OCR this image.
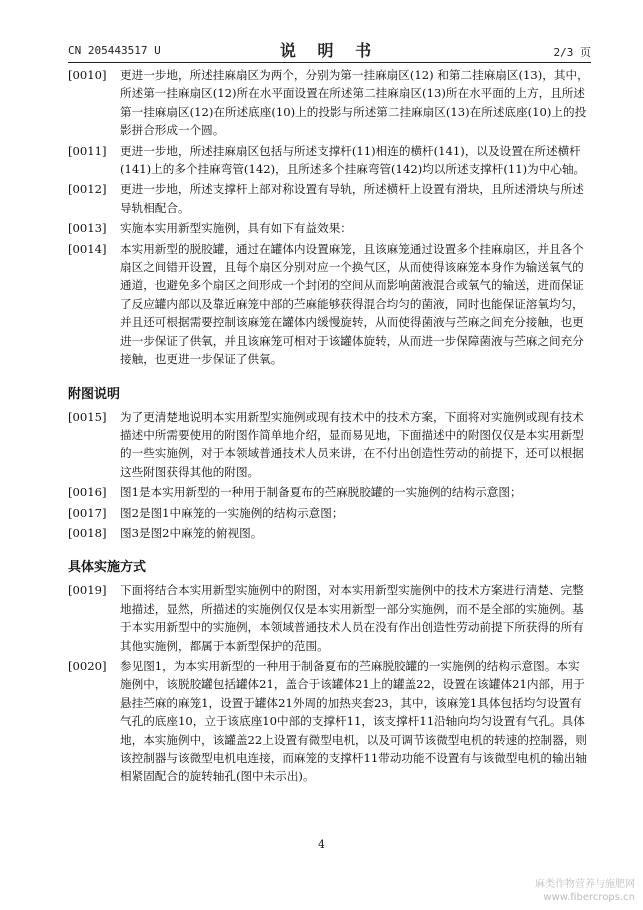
CN 205443517 U	说 明 书	2/3 页
[0010]	更进一步地，所述挂麻扇区为两个，分别为第一挂麻扇区(12) 和第二挂麻扇区(13)，其中，所述第一挂麻扇区(12)所在水平面设置在所述第二挂麻扇区(13)所在水平面的上方，且所述第一挂麻扇区(12)在所述底座(10)上的投影与所述第二挂麻扇区(13)在所述底座(10)上的投影拼合形成一个圆。
[0011]	更进一步地，所述挂麻扇区包括与所述支撑杆(11)相连的横杆(141)，以及设置在所述横杆(141)上的多个挂麻弯管(142)，且所述多个挂麻弯管(142)均以所述支撑杆(11)为中心轴。
[0012]	更进一步地，所述支撑杆上部对称设置有导轨，所述横杆上设置有滑块，且所述滑块与所述导轨相配合。
[0013]	实施本实用新型实施例，具有如下有益效果：
[0014]	本实用新型的脱胶罐，通过在罐体内设置麻笼，且该麻笼通过设置多个挂麻扇区，并且各个扇区之间错开设置，且每个扇区分别对应一个换气区，从而使得该麻笼本身作为输送氧气的通道，也避免多个扇区之间形成一个封闭的空间从而影响菌液混合或氧气的输送，进而保证了反应罐内部以及靠近麻笼中部的苎麻能够获得混合均匀的菌液，同时也能保证溶氧均匀，并且还可根据需要控制该麻笼在罐体内缓慢旋转，从而使得菌液与苎麻之间充分接触，也更进一步保证了供氧，并且该麻笼可相对于该罐体旋转，从而进一步保障菌液与苎麻之间充分接触，也更进一步保证了供氧。
附图说明
[0015]	为了更清楚地说明本实用新型实施例或现有技术中的技术方案，下面将对实施例或现有技术描述中所需要使用的附图作简单地介绍，显而易见地，下面描述中的附图仅仅是本实用新型的一些实施例，对于本领域普通技术人员来讲，在不付出创造性劳动的前提下，还可以根据这些附图获得其他的附图。
[0016]	图1是本实用新型的一种用于制备夏布的苎麻脱胶罐的一实施例的结构示意图；
[0017]	图2是图1中麻笼的一实施例的结构示意图；
[0018]	图3是图2中麻笼的俯视图。
具体实施方式
[0019]	下面将结合本实用新型实施例中的附图，对本实用新型实施例中的技术方案进行清楚、完整地描述，显然，所描述的实施例仅仅是本实用新型一部分实施例，而不是全部的实施例。基于本实用新型中的实施例，本领域普通技术人员在没有作出创造性劳动前提下所获得的所有其他实施例，都属于本新型保护的范围。
[0020]	参见图1，为本实用新型的一种用于制备夏布的苎麻脱胶罐的一实施例的结构示意图。本实施例中，该脱胶罐包括罐体21，盖合于该罐体21上的罐盖22，设置在该罐体21内部，用于悬挂苎麻的麻笼1，设置于罐体21外周的加热夹套23，其中，该麻笼1具体包括均匀设置有气孔的底座10，立于该底座10中部的支撑杆11，该支撑杆11沿轴向均匀设置有气孔。具体地，本实施例中，该罐盖22上设置有微型电机，以及可调节该微型电机的转速的控制器，则该控制器与该微型电机电连接，而麻笼的支撑杆11带动功能不设置有与该微型电机的输出轴相紧固配合的旋转轴孔(图中未示出)。
4
麻类作物营养与施肥网
www.fibercrops.cn
